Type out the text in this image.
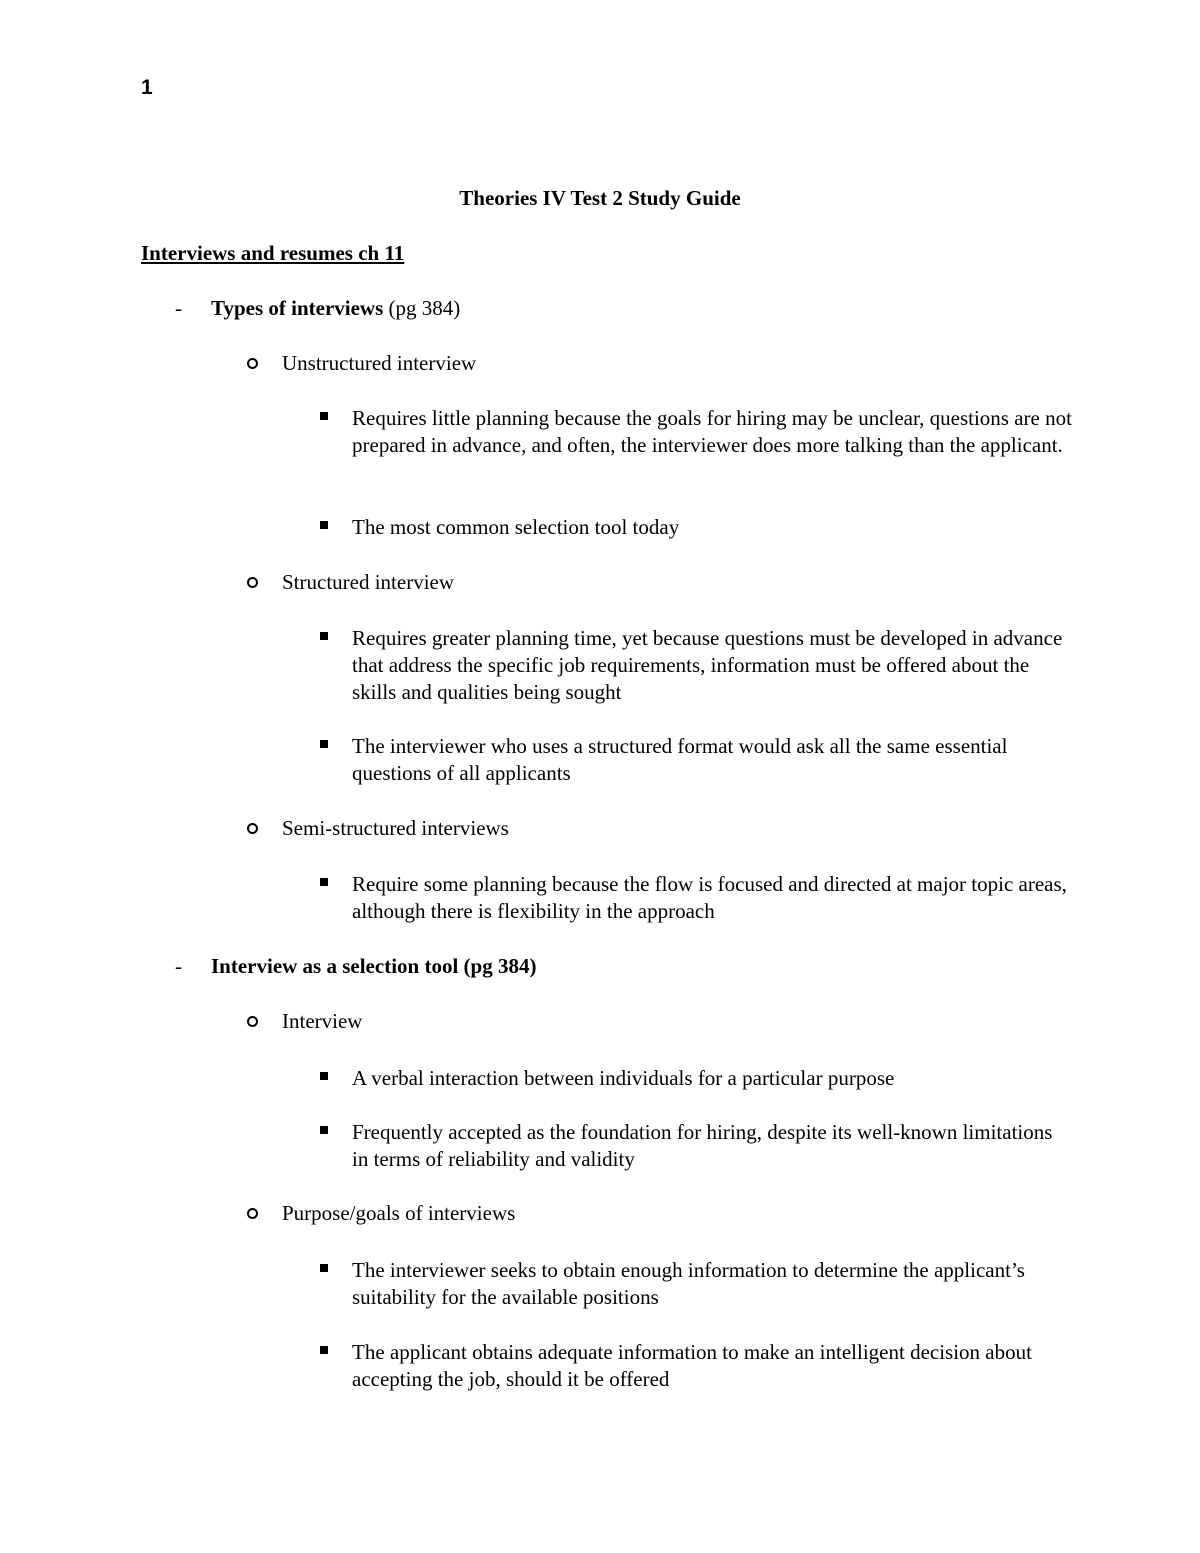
1
Theories IV Test 2 Study Guide
Interviews and resumes ch 11
- Types of interviews (pg 384)
Unstructured interview
Requires little planning because the goals for hiring may be unclear, questions are not prepared in advance, and often, the interviewer does more talking than the applicant.
The most common selection tool today
Structured interview
Requires greater planning time, yet because questions must be developed in advance that address the specific job requirements, information must be offered about the skills and qualities being sought
The interviewer who uses a structured format would ask all the same essential questions of all applicants
Semi-structured interviews
Require some planning because the flow is focused and directed at major topic areas, although there is flexibility in the approach
- Interview as a selection tool (pg 384)
Interview
A verbal interaction between individuals for a particular purpose
Frequently accepted as the foundation for hiring, despite its well-known limitations in terms of reliability and validity
Purpose/goals of interviews
The interviewer seeks to obtain enough information to determine the applicant’s suitability for the available positions
The applicant obtains adequate information to make an intelligent decision about accepting the job, should it be offered
